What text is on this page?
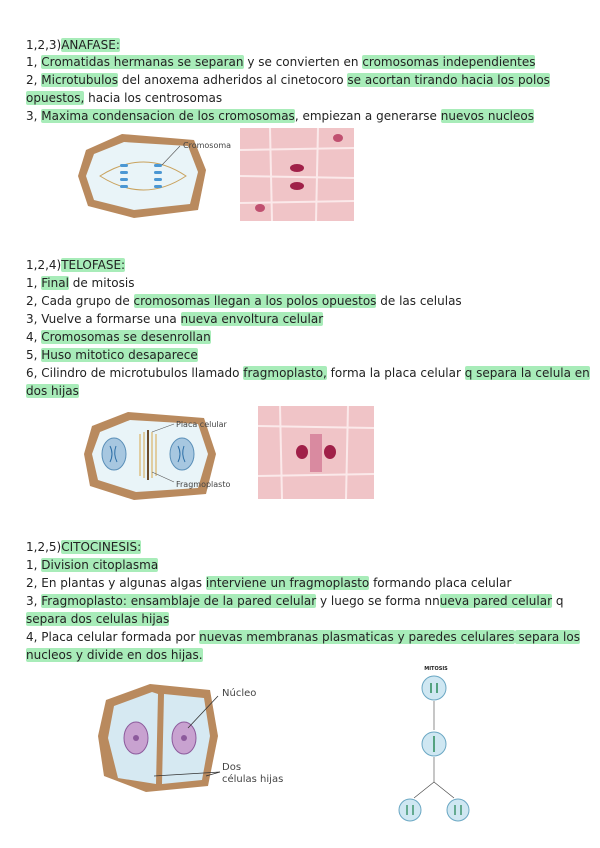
1,2,3)ANAFASE:
1, Cromatidas hermanas se separan y se convierten en cromosomas independientes
2, Microtubulos del anoxema adheridos al cinetocoro se acortan tirando hacia los polos
opuestos, hacia los centrosomas
3, Maxima condensacion de los cromosomas, empiezan a generarse nuevos nucleos
Cromosoma
1,2,4)TELOFASE:
1, Final de mitosis
2, Cada grupo de cromosomas llegan a los polos opuestos de las celulas
3, Vuelve a formarse una nueva envoltura celular
4, Cromosomas se desenrollan
5, Huso mitotico desaparece
6, Cilindro de microtubulos llamado fragmoplasto, forma la placa celular q separa la celula en
dos hijas
Placa celular
Fragmoplasto
1,2,5)CITOCINESIS:
1, Division citoplasma
2, En plantas y algunas algas interviene un fragmoplasto formando placa celular
3, Fragmoplasto: ensamblaje de la pared celular y luego se forma nnueva pared celular q
separa dos celulas hijas
4, Placa celular formada por nuevas membranas plasmaticas y paredes celulares separa los
nucleos y divide en dos hijas.
Núcleo
Dos
células hijas
MITOSIS
